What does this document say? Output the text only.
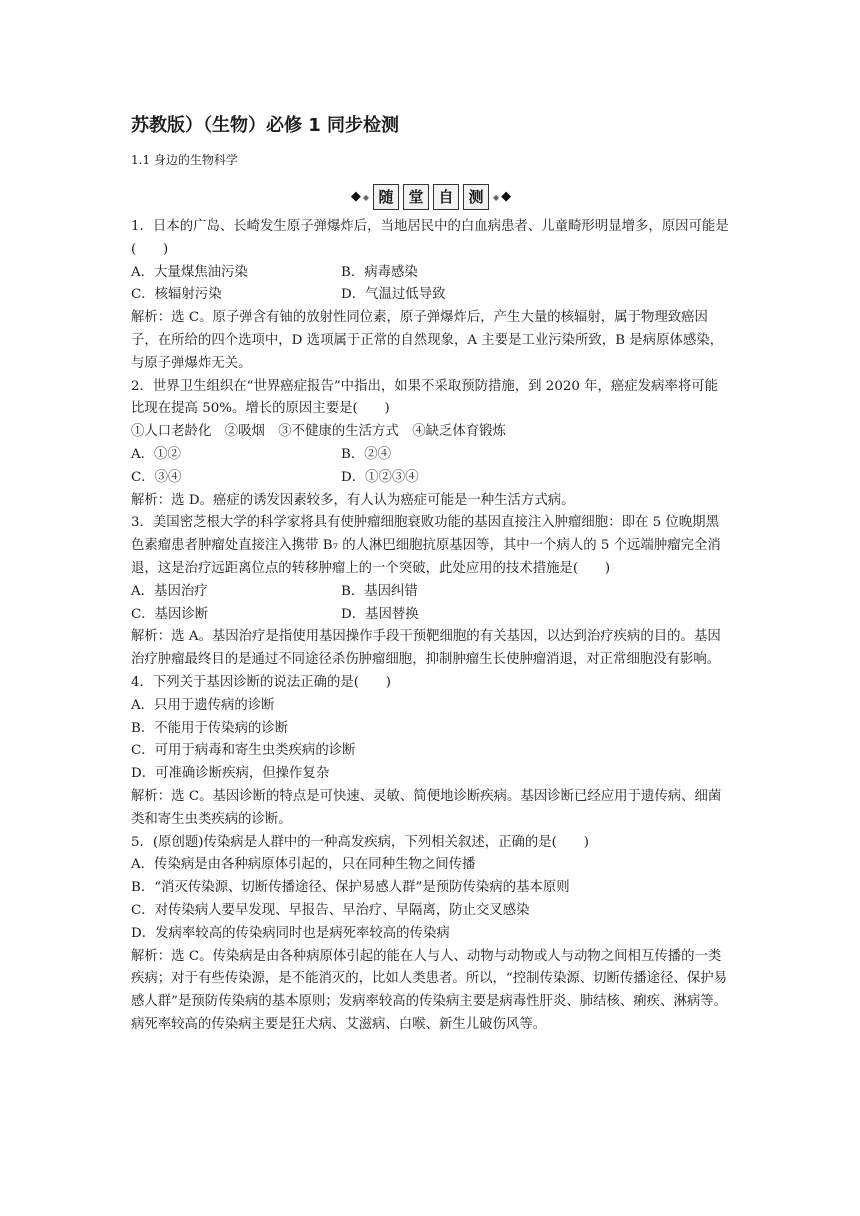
苏教版）（生物）必修 1 同步检测
1.1 身边的生物科学
◆ ◆ 随 堂 自 测	◆ ◆

1．日本的广岛、长崎发生原子弹爆炸后，当地居民中的白血病患者、儿童畸形明显增多，原因可能是(　　)

A．大量煤焦油污染	B．病毒感染
C．核辐射污染	D．气温过低导致

解析：选 C。原子弹含有铀的放射性同位素，原子弹爆炸后，产生大量的核辐射，属于物理致癌因子，在所给的四个选项中，D 选项属于正常的自然现象，A 主要是工业污染所致，B 是病原体感染，与原子弹爆炸无关。

2．世界卫生组织在“世界癌症报告”中指出，如果不采取预防措施，到 2020 年，癌症发病率将可能比现在提高 50%。增长的原因主要是(　　)

①人口老龄化　②吸烟　③不健康的生活方式　④缺乏体育锻炼

A．①②	B．②④
C．③④	D．①②③④

解析：选 D。癌症的诱发因素较多，有人认为癌症可能是一种生活方式病。

3．美国密芝根大学的科学家将具有使肿瘤细胞衰败功能的基因直接注入肿瘤细胞：即在 5 位晚期黑色素瘤患者肿瘤处直接注入携带 B₇ 的人淋巴细胞抗原基因等，其中一个病人的 5 个远端肿瘤完全消退，这是治疗远距离位点的转移肿瘤上的一个突破，此处应用的技术措施是(　　)

A．基因治疗	B．基因纠错
C．基因诊断	D．基因替换

解析：选 A。基因治疗是指使用基因操作手段干预靶细胞的有关基因，以达到治疗疾病的目的。基因治疗肿瘤最终目的是通过不同途径杀伤肿瘤细胞，抑制肿瘤生长使肿瘤消退，对正常细胞没有影响。

4．下列关于基因诊断的说法正确的是(　　)

A．只用于遗传病的诊断

B．不能用于传染病的诊断

C．可用于病毒和寄生虫类疾病的诊断

D．可准确诊断疾病，但操作复杂

解析：选 C。基因诊断的特点是可快速、灵敏、简便地诊断疾病。基因诊断已经应用于遗传病、细菌类和寄生虫类疾病的诊断。

5．(原创题)传染病是人群中的一种高发疾病，下列相关叙述，正确的是(　　)

A．传染病是由各种病原体引起的，只在同种生物之间传播

B．“消灭传染源、切断传播途径、保护易感人群”是预防传染病的基本原则

C．对传染病人要早发现、早报告、早治疗、早隔离，防止交叉感染

D．发病率较高的传染病同时也是病死率较高的传染病

解析：选 C。传染病是由各种病原体引起的能在人与人、动物与动物或人与动物之间相互传播的一类疾病；对于有些传染源，是不能消灭的，比如人类患者。所以，“控制传染源、切断传播途径、保护易感人群”是预防传染病的基本原则；发病率较高的传染病主要是病毒性肝炎、肺结核、痢疾、淋病等。病死率较高的传染病主要是狂犬病、艾滋病、白喉、新生儿破伤风等。
